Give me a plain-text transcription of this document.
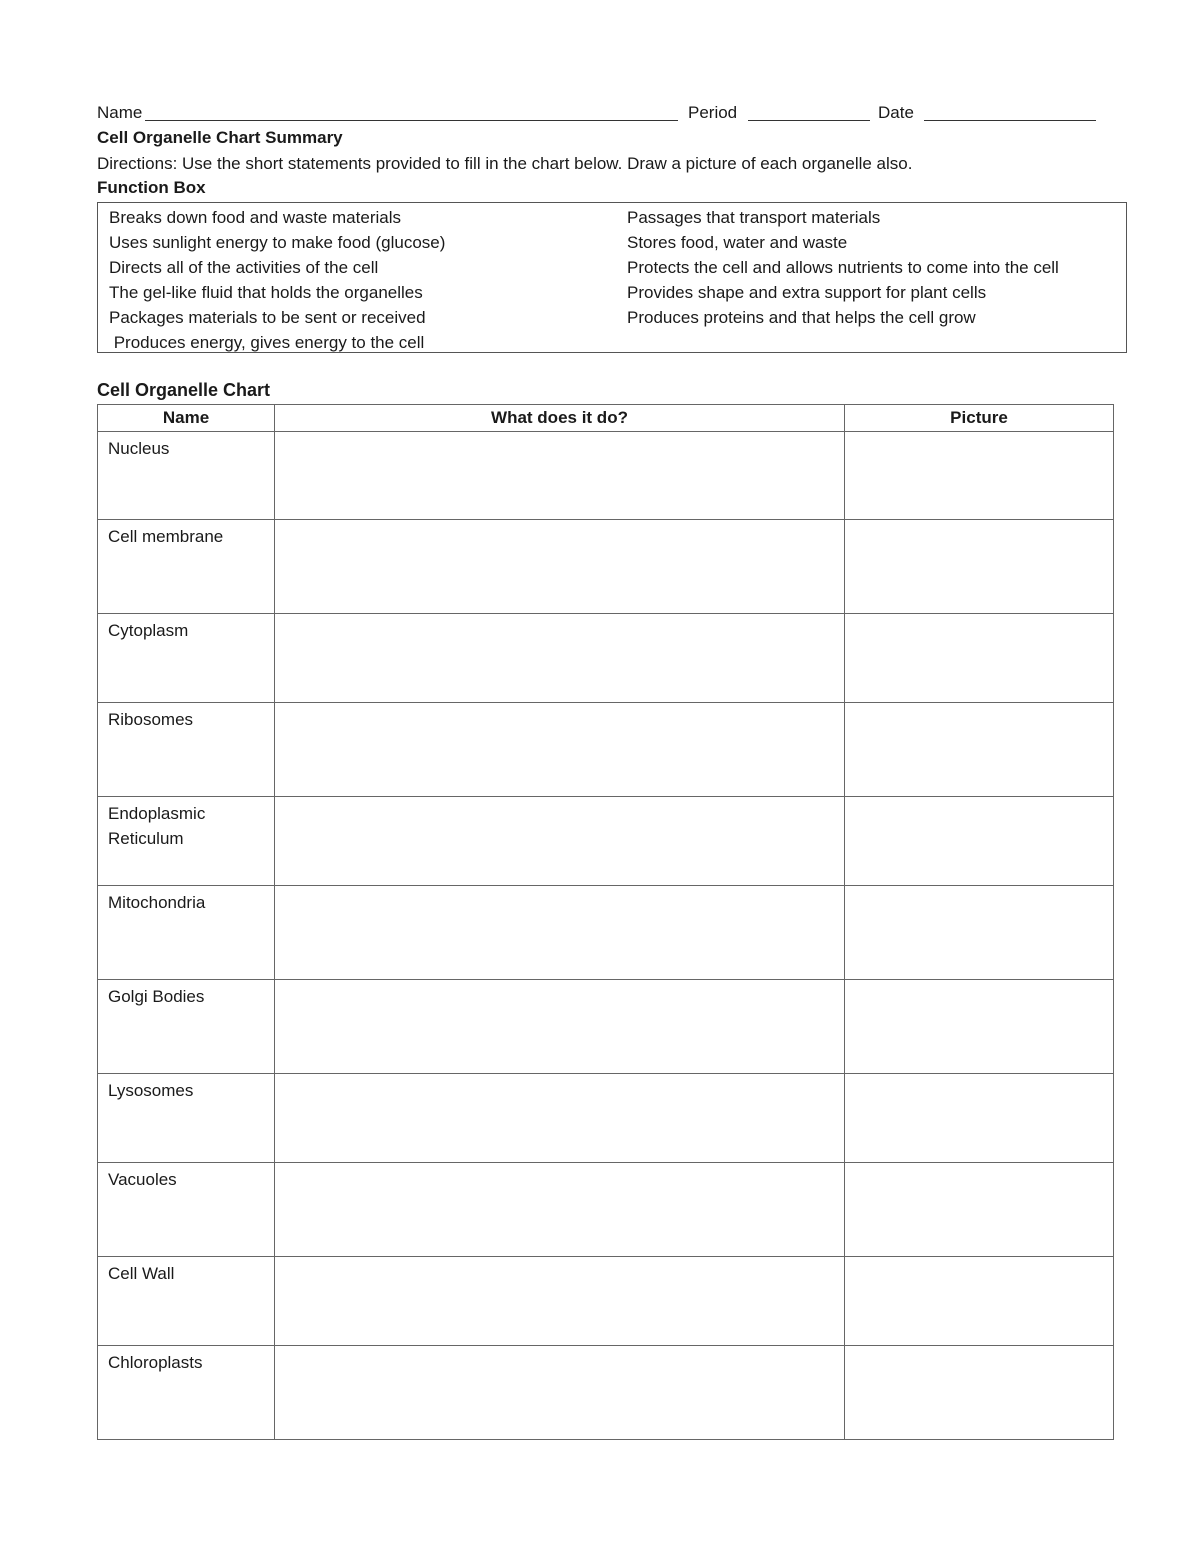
Name	Period	Date
Cell Organelle Chart Summary
Directions: Use the short statements provided to fill in the chart below. Draw a picture of each organelle also.
Function Box
Breaks down food and waste materials
Uses sunlight energy to make food (glucose)
Directs all of the activities of the cell
The gel-like fluid that holds the organelles
Packages materials to be sent or received
Produces energy, gives energy to the cell
Passages that transport materials
Stores food, water and waste
Protects the cell and allows nutrients to come into the cell
Provides shape and extra support for plant cells
Produces proteins and that helps the cell grow
Cell Organelle Chart
Name	What does it do?	Picture
Nucleus		
Cell membrane		
Cytoplasm		
Ribosomes		
Endoplasmic Reticulum		
Mitochondria		
Golgi Bodies		
Lysosomes		
Vacuoles		
Cell Wall		
Chloroplasts		
